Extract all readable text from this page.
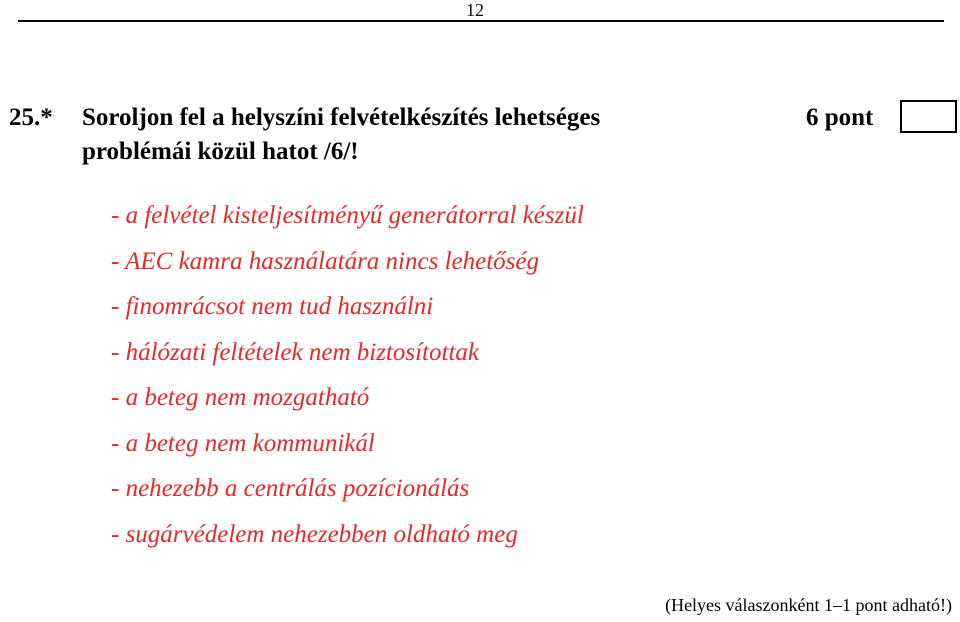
12
25.* Soroljon fel a helyszíni felvételkészítés lehetséges
problémái közül hatot /6/!
6 pont
- a felvétel kisteljesítményű generátorral készül
- AEC kamra használatára nincs lehetőség
- finomrácsot nem tud használni
- hálózati feltételek nem biztosítottak
- a beteg nem mozgatható
- a beteg nem kommunikál
- nehezebb a centrálás pozícionálás
- sugárvédelem nehezebben oldható meg
(Helyes válaszonként 1–1 pont adható!)
